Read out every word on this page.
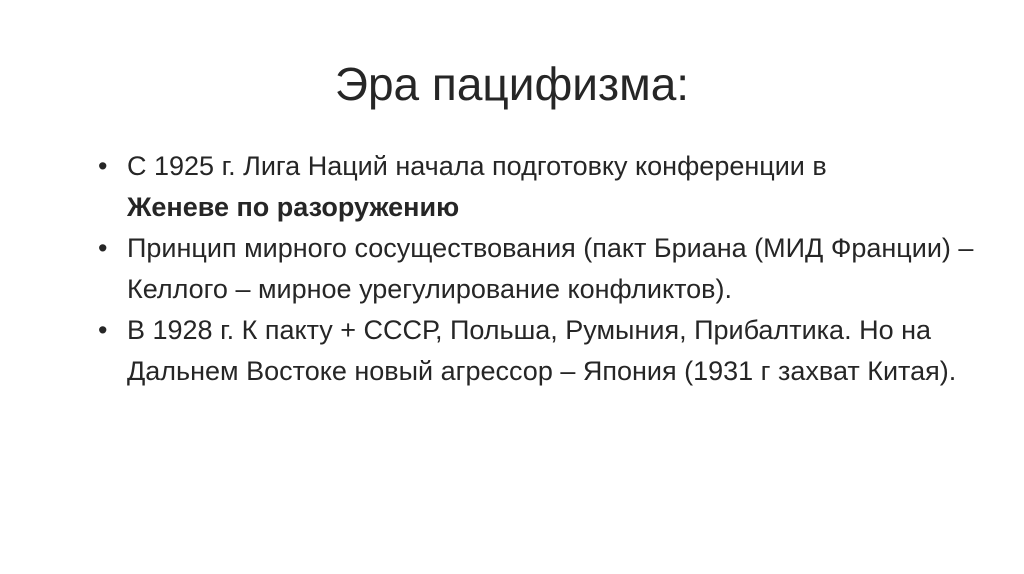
Эра пацифизма:
• С 1925 г. Лига Наций начала подготовку конференции в
Женеве по разоружению
• Принцип мирного сосуществования (пакт Бриана (МИД Франции) – Келлого – мирное урегулирование конфликтов).
• В 1928 г. К пакту + СССР, Польша, Румыния, Прибалтика. Но на Дальнем Востоке новый агрессор – Япония (1931 г захват Китая).
